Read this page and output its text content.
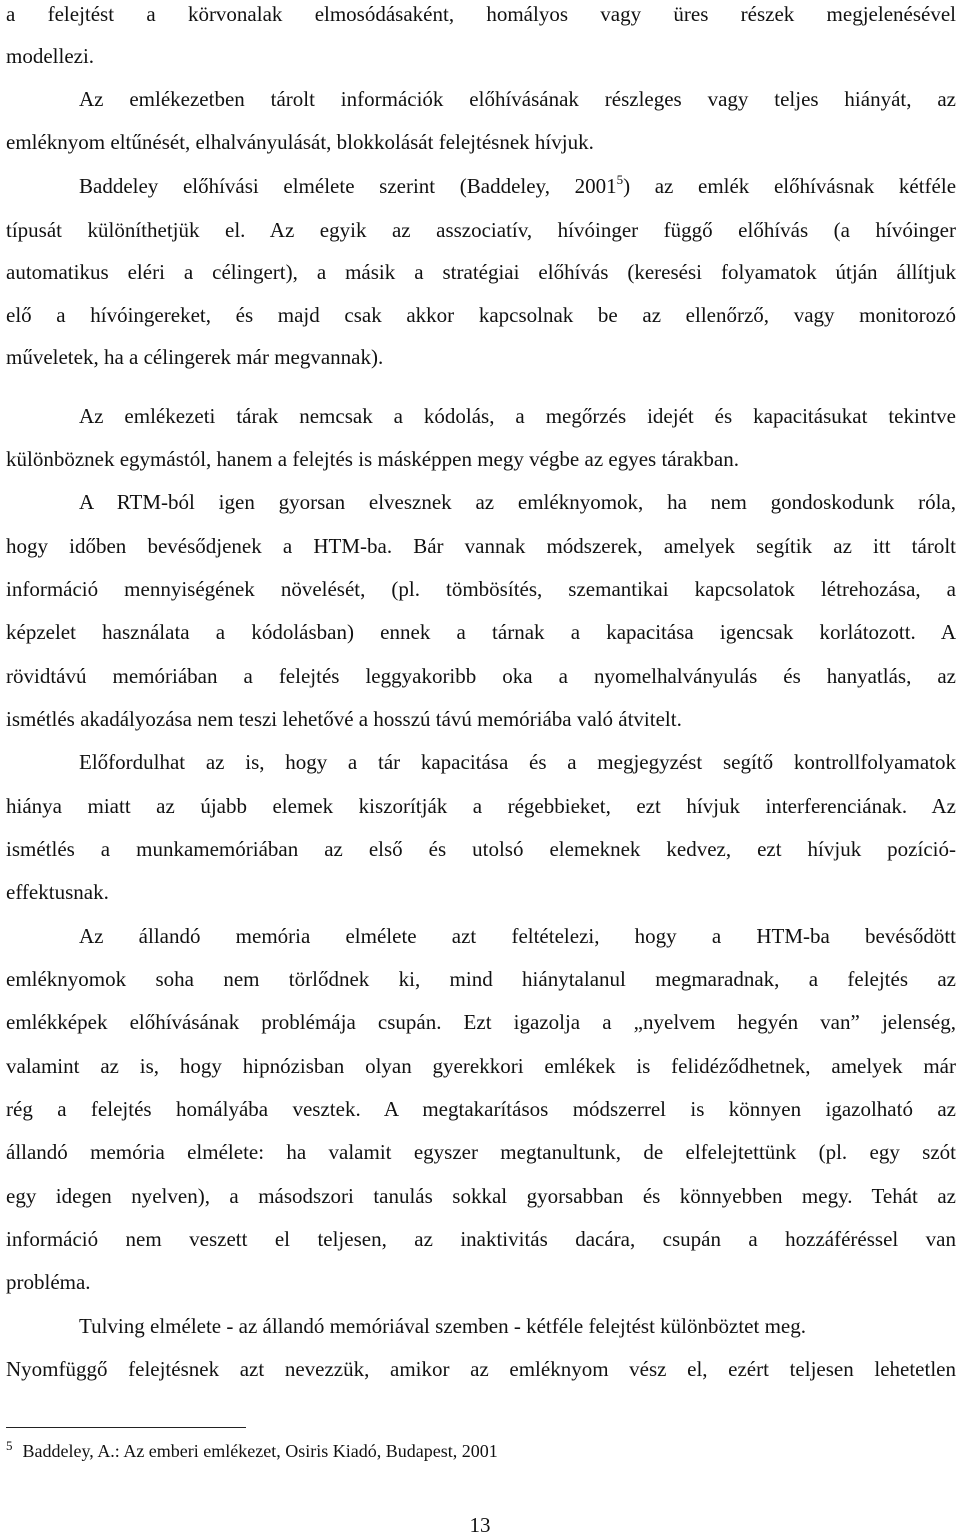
a felejtést a körvonalak elmosódásaként, homályos vagy üres részek megjelenésével
modellezi.
Az emlékezetben tárolt információk előhívásának részleges vagy teljes hiányát, az
emléknyom eltűnését, elhalványulását, blokkolását felejtésnek hívjuk.
Baddeley előhívási elmélete szerint (Baddeley, 2001$^5$) az emlék előhívásnak kétféle
típusát különíthetjük el. Az egyik az asszociatív, hívóinger függő előhívás (a hívóinger
automatikus eléri a célingert), a másik a stratégiai előhívás (keresési folyamatok útján állítjuk
elő a hívóingereket, és majd csak akkor kapcsolnak be az ellenőrző, vagy monitorozó
műveletek, ha a célingerek már megvannak).
Az emlékezeti tárak nemcsak a kódolás, a megőrzés idejét és kapacitásukat tekintve
különböznek egymástól, hanem a felejtés is másképpen megy végbe az egyes tárakban.
A RTM-ból igen gyorsan elvesznek az emléknyomok, ha nem gondoskodunk róla,
hogy időben bevésődjenek a HTM-ba. Bár vannak módszerek, amelyek segítik az itt tárolt
információ mennyiségének növelését, (pl. tömbösítés, szemantikai kapcsolatok létrehozása, a
képzelet használata a kódolásban) ennek a tárnak a kapacitása igencsak korlátozott. A
rövidtávú memóriában a felejtés leggyakoribb oka a nyomelhalványulás és hanyatlás, az
ismétlés akadályozása nem teszi lehetővé a hosszú távú memóriába való átvitelt.
Előfordulhat az is, hogy a tár kapacitása és a megjegyzést segítő kontrollfolyamatok
hiánya miatt az újabb elemek kiszorítják a régebbieket, ezt hívjuk interferenciának. Az
ismétlés a munkamemóriában az első és utolsó elemeknek kedvez, ezt hívjuk pozíció-
effektusnak.
Az állandó memória elmélete azt feltételezi, hogy a HTM-ba bevésődött
emléknyomok soha nem törlődnek ki, mind hiánytalanul megmaradnak, a felejtés az
emlékképek előhívásának problémája csupán. Ezt igazolja a „nyelvem hegyén van” jelenség,
valamint az is, hogy hipnózisban olyan gyerekkori emlékek is felidéződhetnek, amelyek már
rég a felejtés homályába vesztek. A megtakarításos módszerrel is könnyen igazolható az
állandó memória elmélete: ha valamit egyszer megtanultunk, de elfelejtettünk (pl. egy szót
egy idegen nyelven), a másodszori tanulás sokkal gyorsabban és könnyebben megy. Tehát az
információ nem veszett el teljesen, az inaktivitás dacára, csupán a hozzáféréssel van
probléma.
Tulving elmélete - az állandó memóriával szemben - kétféle felejtést különböztet meg.
Nyomfüggő felejtésnek azt nevezzük, amikor az emléknyom vész el, ezért teljesen lehetetlen
$^5$ Baddeley, A.: Az emberi emlékezet, Osiris Kiadó, Budapest, 2001
13
